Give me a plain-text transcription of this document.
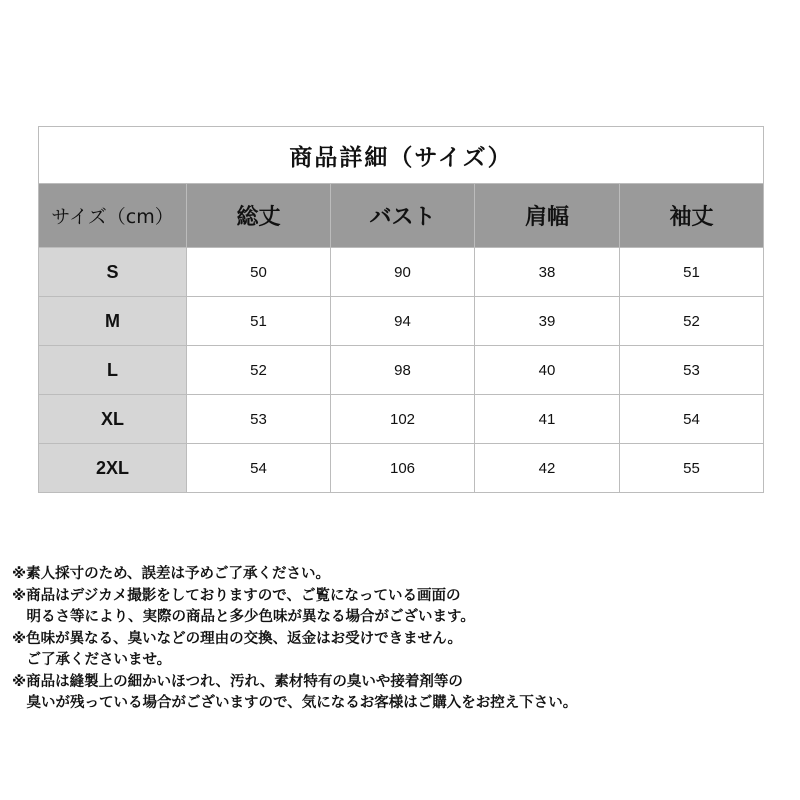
商品詳細（サイズ）				
サイズ（cm）	総丈	バスト	肩幅	袖丈
S	50	90	38	51
M	51	94	39	52
L	52	98	40	53
XL	53	102	41	54
2XL	54	106	42	55
※素人採寸のため、誤差は予めご了承ください。
※商品はデジカメ撮影をしておりますので、ご覧になっている画面の
　明るさ等により、実際の商品と多少色味が異なる場合がございます。
※色味が異なる、臭いなどの理由の交換、返金はお受けできません。
　ご了承くださいませ。
※商品は縫製上の細かいほつれ、汚れ、素材特有の臭いや接着剤等の
　臭いが残っている場合がございますので、気になるお客様はご購入をお控え下さい。
